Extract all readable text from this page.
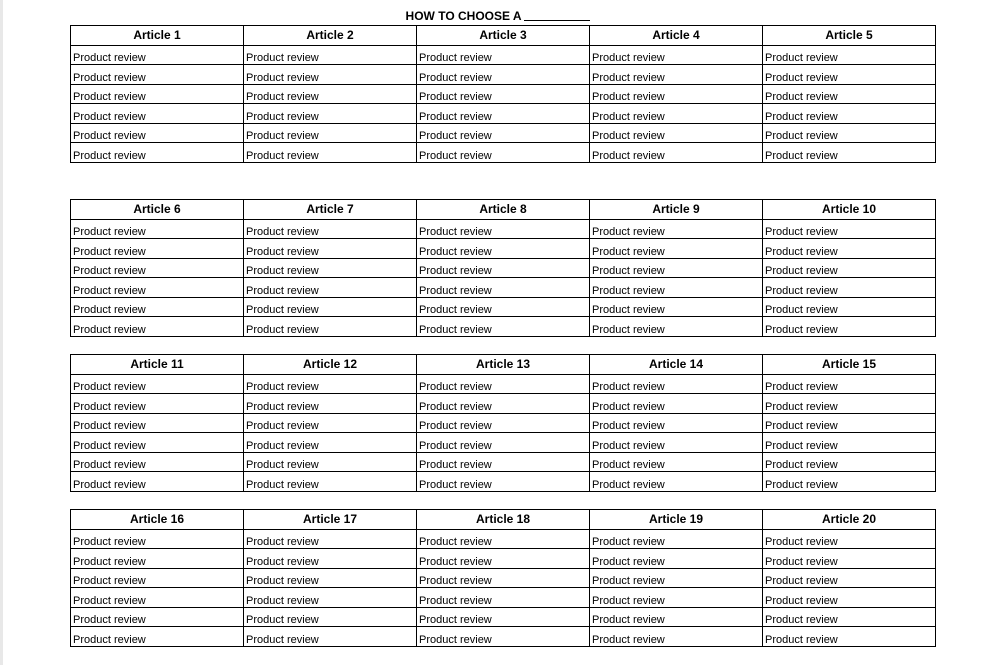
HOW TO CHOOSE A
Article 1	Article 2	Article 3	Article 4	Article 5
Product review	Product review	Product review	Product review	Product review
Product review	Product review	Product review	Product review	Product review
Product review	Product review	Product review	Product review	Product review
Product review	Product review	Product review	Product review	Product review
Product review	Product review	Product review	Product review	Product review
Product review	Product review	Product review	Product review	Product review
Article 6	Article 7	Article 8	Article 9	Article 10
Product review	Product review	Product review	Product review	Product review
Product review	Product review	Product review	Product review	Product review
Product review	Product review	Product review	Product review	Product review
Product review	Product review	Product review	Product review	Product review
Product review	Product review	Product review	Product review	Product review
Product review	Product review	Product review	Product review	Product review
Article 11	Article 12	Article 13	Article 14	Article 15
Product review	Product review	Product review	Product review	Product review
Product review	Product review	Product review	Product review	Product review
Product review	Product review	Product review	Product review	Product review
Product review	Product review	Product review	Product review	Product review
Product review	Product review	Product review	Product review	Product review
Product review	Product review	Product review	Product review	Product review
Article 16	Article 17	Article 18	Article 19	Article 20
Product review	Product review	Product review	Product review	Product review
Product review	Product review	Product review	Product review	Product review
Product review	Product review	Product review	Product review	Product review
Product review	Product review	Product review	Product review	Product review
Product review	Product review	Product review	Product review	Product review
Product review	Product review	Product review	Product review	Product review
